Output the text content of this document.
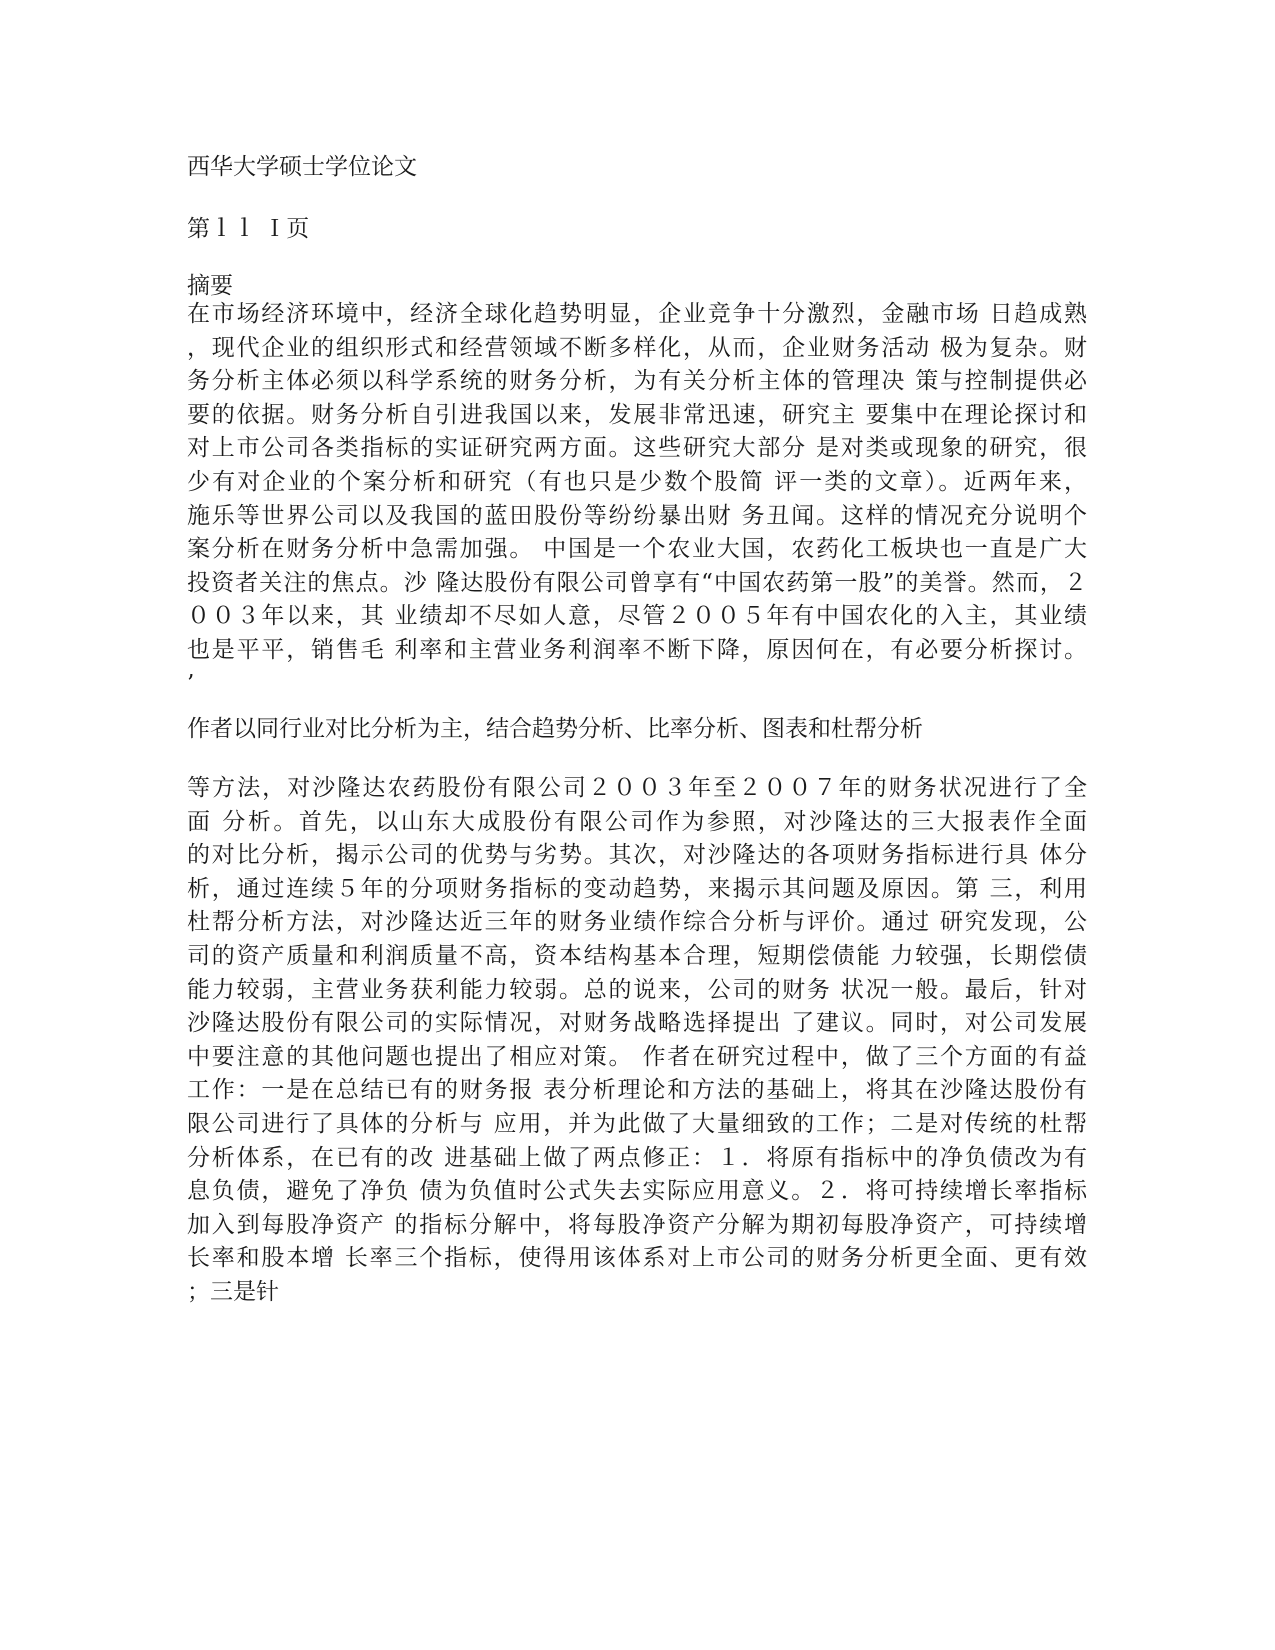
西华大学硕士学位论文
第ｌｌ Ｉ页
摘要
在市场经济环境中，经济全球化趋势明显，企业竞争十分激烈，金融市场 日趋成熟
，现代企业的组织形式和经营领域不断多样化，从而，企业财务活动 极为复杂。财
务分析主体必须以科学系统的财务分析，为有关分析主体的管理决 策与控制提供必
要的依据。财务分析自引进我国以来，发展非常迅速，研究主 要集中在理论探讨和
对上市公司各类指标的实证研究两方面。这些研究大部分 是对类或现象的研究，很
少有对企业的个案分析和研究（有也只是少数个股简 评一类的文章）。近两年来，
施乐等世界公司以及我国的蓝田股份等纷纷暴出财 务丑闻。这样的情况充分说明个
案分析在财务分析中急需加强。 中国是一个农业大国，农药化工板块也一直是广大
投资者关注的焦点。沙 隆达股份有限公司曾享有“中国农药第一股”的美誉。然而，２
００３年以来，其 业绩却不尽如人意，尽管２００５年有中国农化的入主，其业绩
也是平平，销售毛 利率和主营业务利润率不断下降，原因何在，有必要分析探讨。
’
作者以同行业对比分析为主，结合趋势分析、比率分析、图表和杜帮分析
等方法，对沙隆达农药股份有限公司２００３年至２００７年的财务状况进行了全
面 分析。首先，以山东大成股份有限公司作为参照，对沙隆达的三大报表作全面
的对比分析，揭示公司的优势与劣势。其次，对沙隆达的各项财务指标进行具 体分
析，通过连续５年的分项财务指标的变动趋势，来揭示其问题及原因。第 三，利用
杜帮分析方法，对沙隆达近三年的财务业绩作综合分析与评价。通过 研究发现，公
司的资产质量和利润质量不高，资本结构基本合理，短期偿债能 力较强，长期偿债
能力较弱，主营业务获利能力较弱。总的说来，公司的财务 状况一般。最后，针对
沙隆达股份有限公司的实际情况，对财务战略选择提出 了建议。同时，对公司发展
中要注意的其他问题也提出了相应对策。 作者在研究过程中，做了三个方面的有益
工作：一是在总结已有的财务报 表分析理论和方法的基础上，将其在沙隆达股份有
限公司进行了具体的分析与 应用，并为此做了大量细致的工作；二是对传统的杜帮
分析体系，在已有的改 进基础上做了两点修正：１．将原有指标中的净负债改为有
息负债，避免了净负 债为负值时公式失去实际应用意义。２．将可持续增长率指标
加入到每股净资产 的指标分解中，将每股净资产分解为期初每股净资产，可持续增
长率和股本增 长率三个指标，使得用该体系对上市公司的财务分析更全面、更有效
；三是针
